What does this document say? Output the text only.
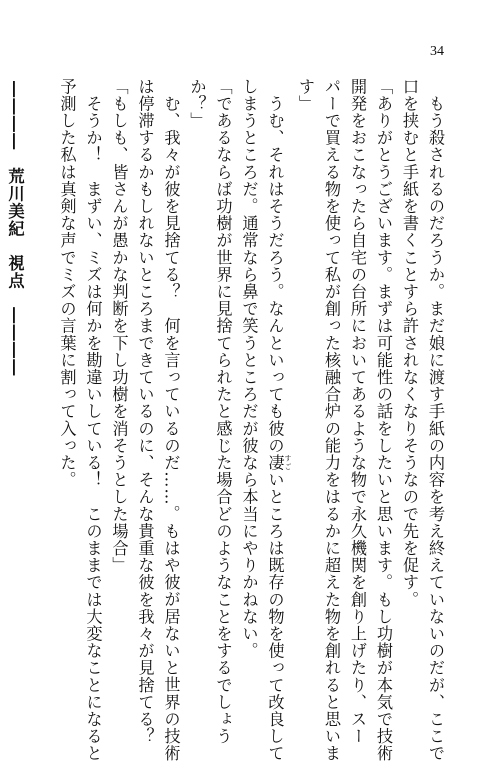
34
　もう殺されるのだろうか。まだ娘に渡す手紙の内容を考え終えていないのだが、ここで
口を挟むと手紙を書くことすら許されなくなりそうなので先を促す。
「ありがとうございます。まずは可能性の話をしたいと思います。もし功樹が本気で技術
開発をおこなったら自宅の台所においてあるような物で永久機関を創り上げたり、スー
パーで買える物を使って私が創った核融合炉の能力をはるかに超えた物を創れると思いま
す」
　うむ、それはそうだろう。なんといっても彼の凄 すごいところは既存の物を使って改良して
しまうところだ。通常なら鼻で笑うところだが彼なら本当にやりかねない。
「であるならば功樹が世界に見捨てられたと感じた場合どのようなことをするでしょう
か？」
　む、我々が彼を見捨てる？　何を言っているのだ……。もはや彼が居ないと世界の技術
は停滞するかもしれないところまできているのに、そんな貴重な彼を我々が見捨てる？
「もしも、皆さんが愚かな判断を下し功樹を消そうとした場合」
　そうか！　まずい、ミズは何かを勘違いしている！　このままでは大変なことになると
予測した私は真剣な声でミズの言葉に割って入った。
――――　荒川美紀　視点　――――
